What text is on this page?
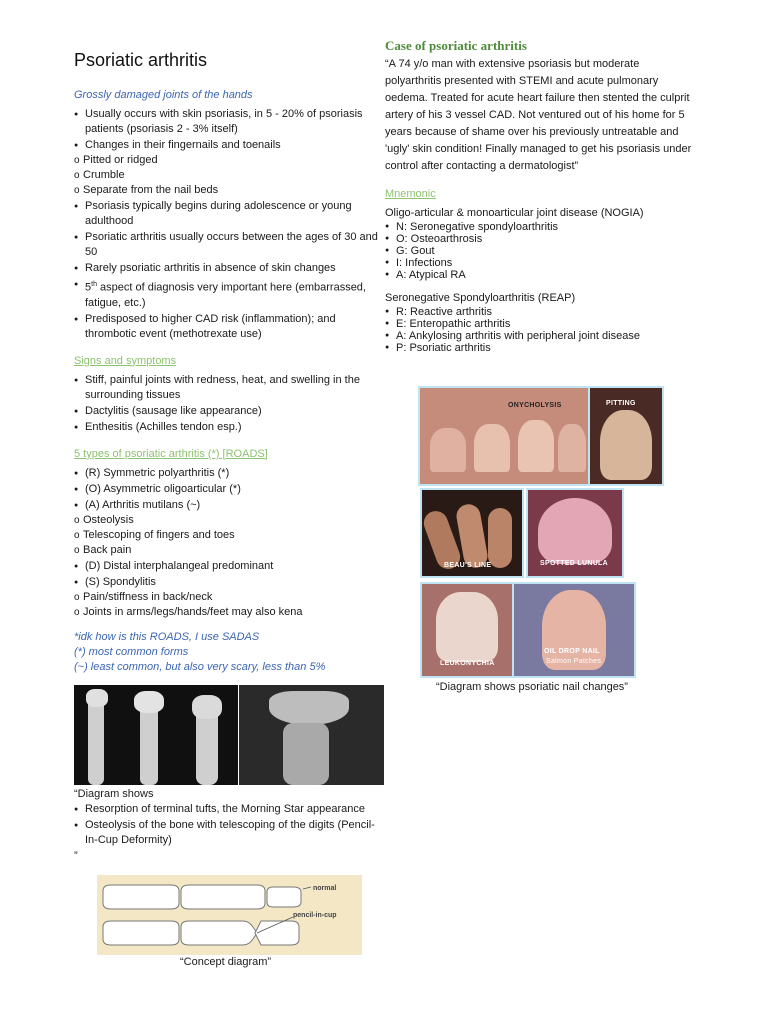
Psoriatic arthritis
Grossly damaged joints of the hands
● Usually occurs with skin psoriasis, in 5 - 20% of psoriasis patients (psoriasis 2 - 3% itself)
● Changes in their fingernails and toenails
o Pitted or ridged
o Crumble
o Separate from the nail beds
● Psoriasis typically begins during adolescence or young adulthood
● Psoriatic arthritis usually occurs between the ages of 30 and 50
● Rarely psoriatic arthritis in absence of skin changes
● 5th aspect of diagnosis very important here (embarrassed, fatigue, etc.)
● Predisposed to higher CAD risk (inflammation); and thrombotic event (methotrexate use)
Signs and symptoms
● Stiff, painful joints with redness, heat, and swelling in the surrounding tissues
● Dactylitis (sausage like appearance)
● Enthesitis (Achilles tendon esp.)
5 types of psoriatic arthritis (*) [ROADS]
● (R) Symmetric polyarthritis (*)
● (O) Asymmetric oligoarticular (*)
● (A) Arthritis mutilans (~)
o Osteolysis
o Telescoping of fingers and toes
o Back pain
● (D) Distal interphalangeal predominant
● (S) Spondylitis
o Pain/stiffness in back/neck
o Joints in arms/legs/hands/feet may also kena
*idk how is this ROADS, I use SADAS
(*) most common forms
(~) least common, but also very scary, less than 5%
“Diagram shows
● Resorption of terminal tufts, the Morning Star appearance
● Osteolysis of the bone with telescoping of the digits (Pencil-In-Cup Deformity)
”
normal
pencil-in-cup
“Concept diagram”
Case of psoriatic arthritis
“A 74 y/o man with extensive psoriasis but moderate polyarthritis presented with STEMI and acute pulmonary oedema. Treated for acute heart failure then stented the culprit artery of his 3 vessel CAD. Not ventured out of his home for 5 years because of shame over his previously untreatable and 'ugly' skin condition! Finally managed to get his psoriasis under control after contacting a dermatologist”
Mnemonic
Oligo-articular & monoarticular joint disease (NOGIA)
● N: Seronegative spondyloarthritis
● O: Osteoarthrosis
● G: Gout
● I: Infections
● A: Atypical RA
Seronegative Spondyloarthritis (REAP)
● R: Reactive arthritis
● E: Enteropathic arthritis
● A: Ankylosing arthritis with peripheral joint disease
● P: Psoriatic arthritis
ONYCHOLYSIS	PITTING
BEAU'S LINE	SPOTTED LUNULA
LEUKONYCHIA
OIL DROP NAIL
Salmon Patches
“Diagram shows psoriatic nail changes”
